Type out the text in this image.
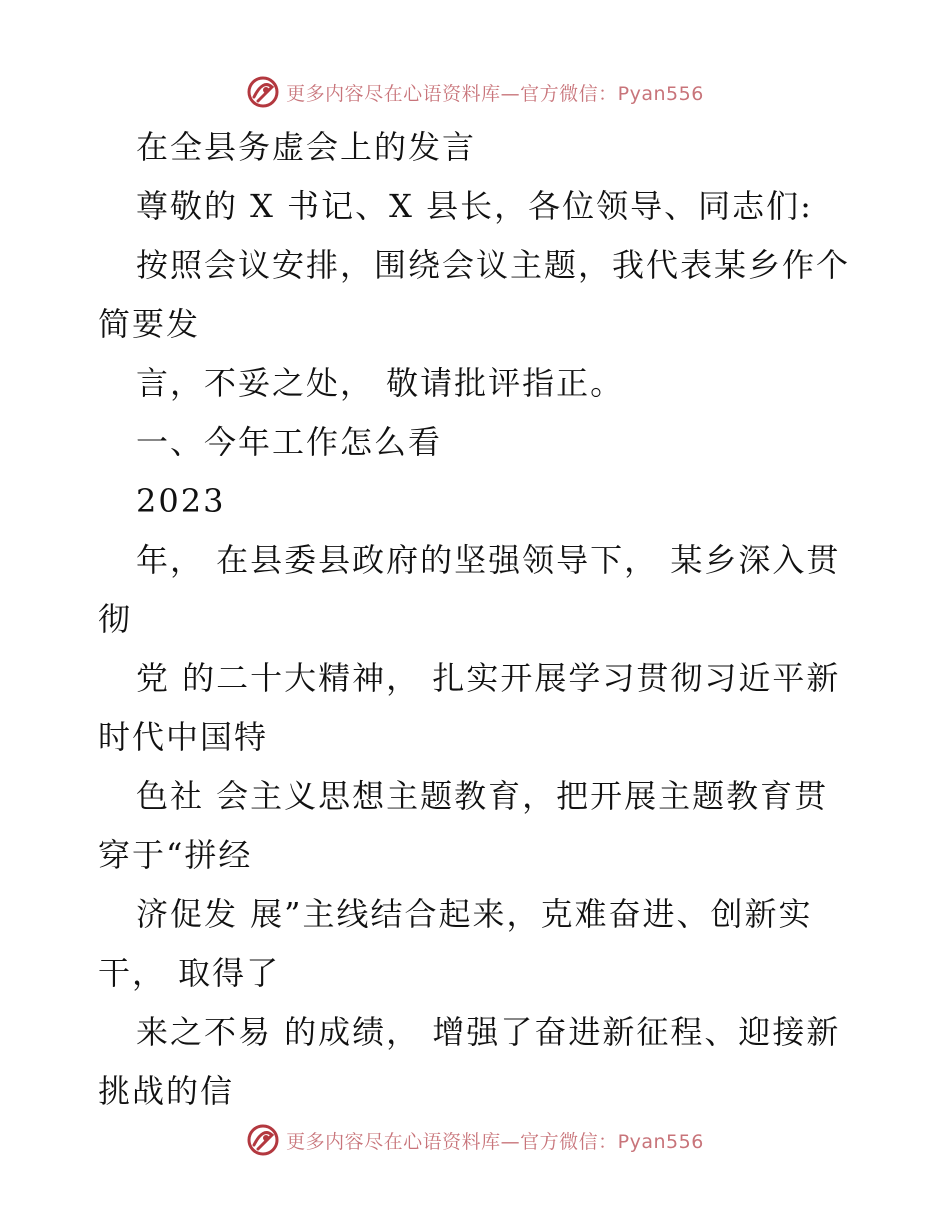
更多内容尽在心语资料库—官方微信：Pyan556
在全县务虚会上的发言
尊敬的 X 书记、X 县长，各位领导、同志们:
按照会议安排，围绕会议主题，我代表某乡作个
简要发
言，不妥之处， 敬请批评指正。
一、今年工作怎么看
2023
年， 在县委县政府的坚强领导下， 某乡深入贯
彻
党 的二十大精神， 扎实开展学习贯彻习近平新
时代中国特
色社 会主义思想主题教育，把开展主题教育贯
穿于“拼经
济促发 展”主线结合起来，克难奋进、创新实
干， 取得了
来之不易 的成绩， 增强了奋进新征程、迎接新
挑战的信
更多内容尽在心语资料库—官方微信：Pyan556
